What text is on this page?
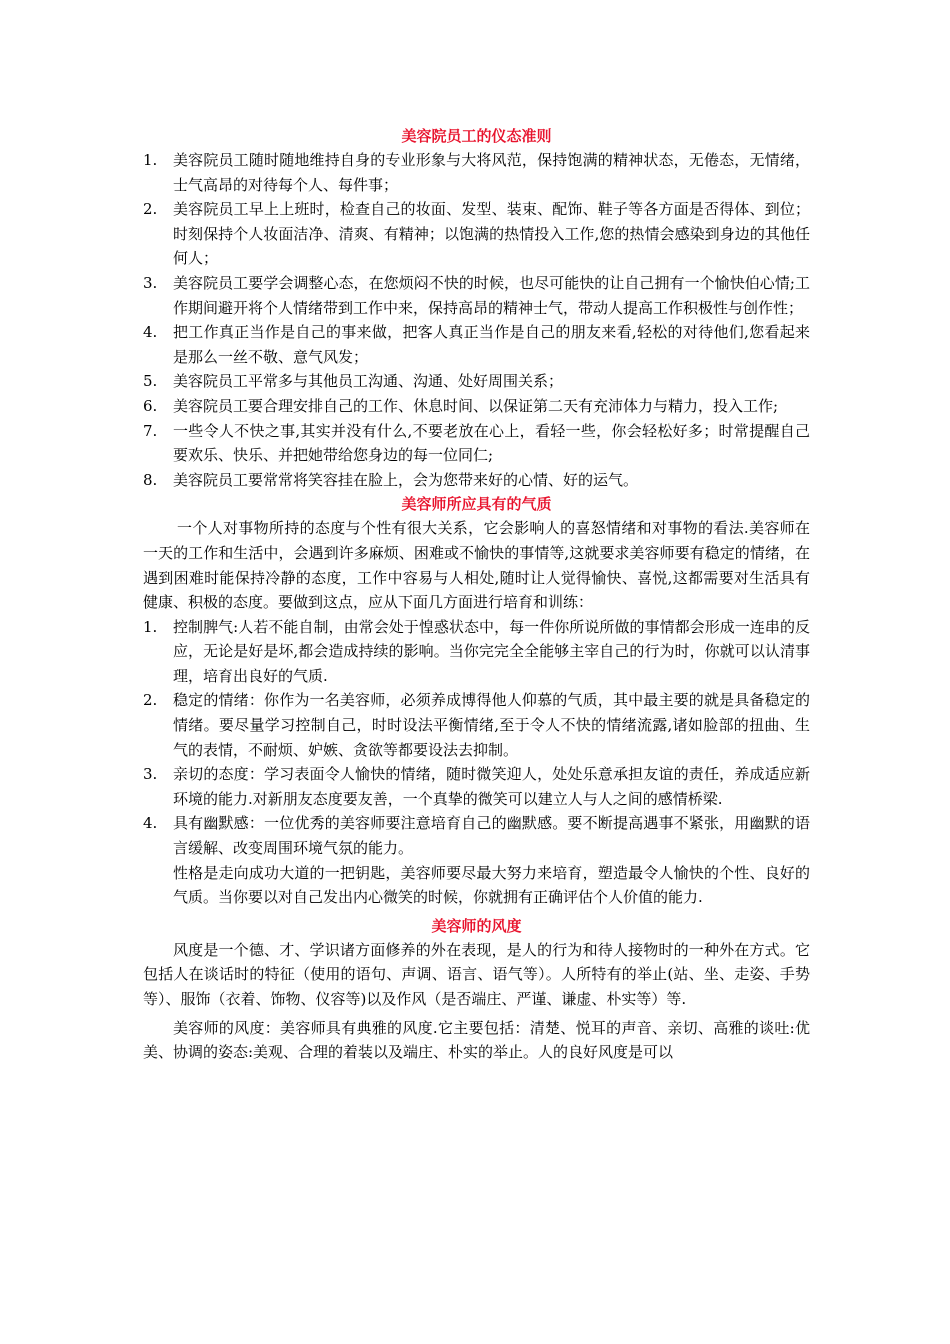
美容院员工的仪态准则
1.	美容院员工随时随地维持自身的专业形象与大将风范，保持饱满的精神状态，无倦态，无情绪，士气高昂的对待每个人、每件事；
2.	美容院员工早上上班时，检查自己的妆面、发型、装束、配饰、鞋子等各方面是否得体、到位；时刻保持个人妆面洁净、清爽、有精神；以饱满的热情投入工作,您的热情会感染到身边的其他任何人；
3.	美容院员工要学会调整心态，在您烦闷不快的时候，也尽可能快的让自己拥有一个愉快伯心情;工作期间避开将个人情绪带到工作中来，保持高昂的精神士气，带动人提高工作积极性与创作性；
4.	把工作真正当作是自己的事来做，把客人真正当作是自己的朋友来看,轻松的对待他们,您看起来是那么一丝不敬、意气风发；
5.	美容院员工平常多与其他员工沟通、沟通、处好周围关系；
6.	美容院员工要合理安排自己的工作、休息时间、以保证第二天有充沛体力与精力，投入工作;
7.	一些令人不快之事,其实并没有什么,不要老放在心上，看轻一些，你会轻松好多；时常提醒自己要欢乐、快乐、并把她带给您身边的每一位同仁;
8.	美容院员工要常常将笑容挂在脸上，会为您带来好的心情、好的运气。
美容师所应具有的气质

一个人对事物所持的态度与个性有很大关系，它会影响人的喜怒情绪和对事物的看法.美容师在一天的工作和生活中，会遇到许多麻烦、困难或不愉快的事情等,这就要求美容师要有稳定的情绪，在遇到困难时能保持冷静的态度，工作中容易与人相处,随时让人觉得愉快、喜悦,这都需要对生活具有健康、积极的态度。要做到这点，应从下面几方面进行培育和训练：

1.	控制脾气:人若不能自制，由常会处于惶惑状态中，每一件你所说所做的事情都会形成一连串的反应，无论是好是坏,都会造成持续的影响。当你完完全全能够主宰自己的行为时，你就可以认清事理，培育出良好的气质.
2.	稳定的情绪：你作为一名美容师，必须养成博得他人仰慕的气质，其中最主要的就是具备稳定的情绪。要尽量学习控制自己，时时设法平衡情绪,至于令人不快的情绪流露,诸如脸部的扭曲、生气的表情，不耐烦、妒嫉、贪欲等都要设法去抑制。
3.	亲切的态度：学习表面令人愉快的情绪，随时微笑迎人，处处乐意承担友谊的责任，养成适应新环境的能力.对新朋友态度要友善，一个真挚的微笑可以建立人与人之间的感情桥梁.
4.	具有幽默感：一位优秀的美容师要注意培育自己的幽默感。要不断提高遇事不紧张，用幽默的语言缓解、改变周围环境气氛的能力。

性格是走向成功大道的一把钥匙，美容师要尽最大努力来培育，塑造最令人愉快的个性、良好的气质。当你要以对自己发出内心微笑的时候，你就拥有正确评估个人价值的能力.

美容师的风度

风度是一个德、才、学识诸方面修养的外在表现，是人的行为和待人接物时的一种外在方式。它包括人在谈话时的特征（使用的语句、声调、语言、语气等）。人所特有的举止(站、坐、走姿、手势等）、服饰（衣着、饰物、仪容等)以及作风（是否端庄、严谨、谦虚、朴实等）等.

美容师的风度：美容师具有典雅的风度.它主要包括：清楚、悦耳的声音、亲切、高雅的谈吐:优美、协调的姿态:美观、合理的着装以及端庄、朴实的举止。人的良好风度是可以
